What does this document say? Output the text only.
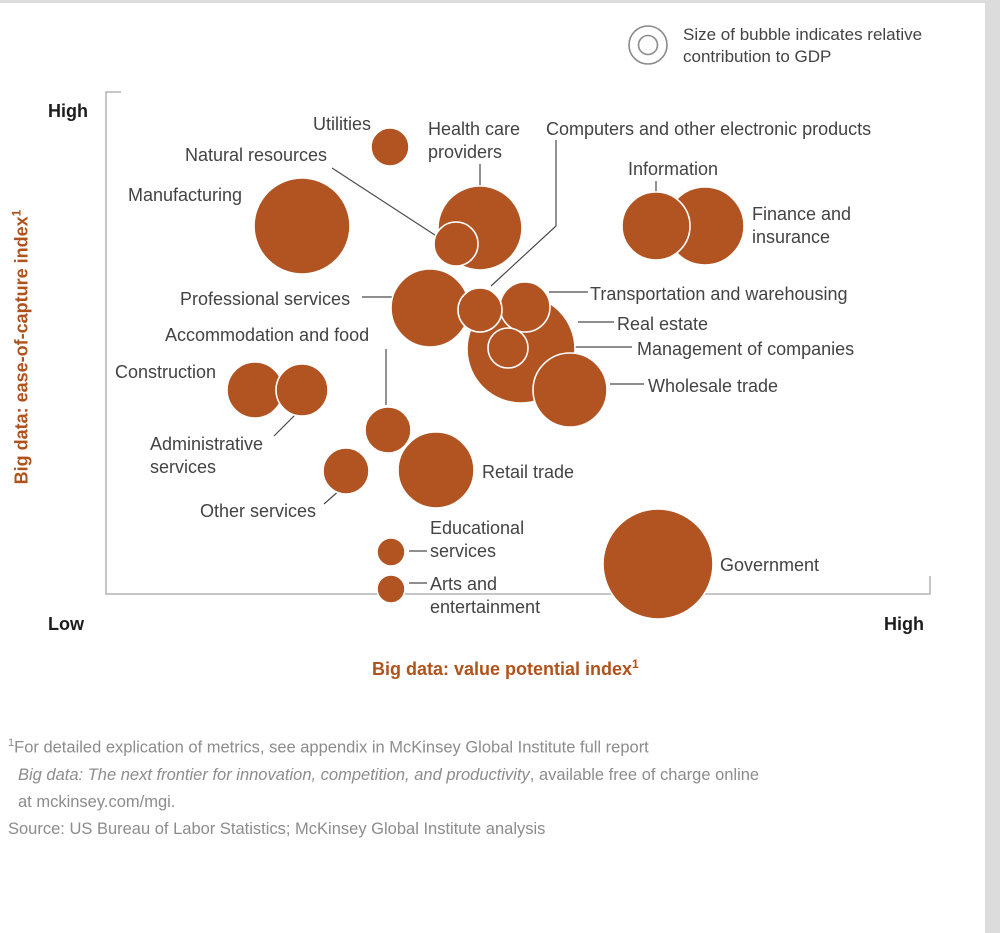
Size of bubble indicates relative
contribution to GDP
High
Low	High
Big data: ease-of-capture index$^1$
Utilities
Natural resources
Manufacturing
Health care
providers
Computers and other electronic products
Information
Finance and
insurance
Professional services	Transportation and warehousing
Real estate
Management of companies
Wholesale trade
Accommodation and food
Construction
Administrative
services
Other services
Retail trade
Educational
services
Arts and
entertainment
Government
Big data: value potential index$^1$
$^1$For detailed explication of metrics, see appendix in McKinsey Global Institute full report
Big data: The next frontier for innovation, competition, and productivity, available free of charge online
at mckinsey.com/mgi.
Source: US Bureau of Labor Statistics; McKinsey Global Institute analysis
